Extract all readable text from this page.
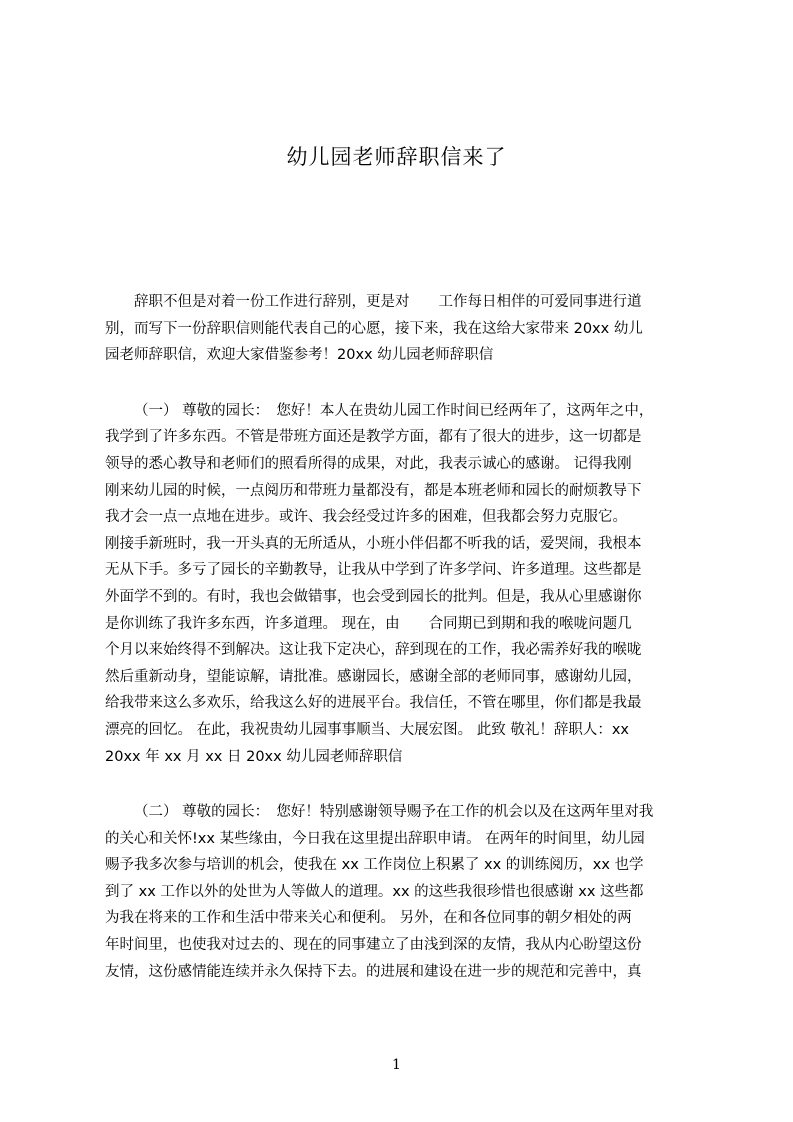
幼儿园老师辞职信来了
辞职不但是对着一份工作进行辞别，更是对　　工作每日相伴的可爱同事进行道
别，而写下一份辞职信则能代表自己的心愿，接下来，我在这给大家带来 20xx 幼儿
园老师辞职信，欢迎大家借鉴参考！20xx 幼儿园老师辞职信
（一） 尊敬的园长：　您好！本人在贵幼儿园工作时间已经两年了，这两年之中，
我学到了许多东西。不管是带班方面还是教学方面，都有了很大的进步，这一切都是
领导的悉心教导和老师们的照看所得的成果，对此，我表示诚心的感谢。 记得我刚
刚来幼儿园的时候，一点阅历和带班力量都没有，都是本班老师和园长的耐烦教导下
我才会一点一点地在进步。或许、我会经受过许多的困难，但我都会努力克服它。
刚接手新班时，我一开头真的无所适从，小班小伴侣都不听我的话，爱哭闹，我根本
无从下手。多亏了园长的辛勤教导，让我从中学到了许多学问、许多道理。这些都是
外面学不到的。有时，我也会做错事，也会受到园长的批判。但是，我从心里感谢你
是你训练了我许多东西，许多道理。 现在，由　　合同期已到期和我的喉咙问题几
个月以来始终得不到解决。这让我下定决心，辞到现在的工作，我必需养好我的喉咙
然后重新动身，望能谅解，请批准。感谢园长，感谢全部的老师同事，感谢幼儿园，
给我带来这么多欢乐，给我这么好的进展平台。我信任，不管在哪里，你们都是我最
漂亮的回忆。 在此，我祝贵幼儿园事事顺当、大展宏图。 此致 敬礼！辞职人：xx
20xx 年 xx 月 xx 日 20xx 幼儿园老师辞职信
（二） 尊敬的园长：　您好！特别感谢领导赐予在工作的机会以及在这两年里对我
的关心和关怀!xx 某些缘由，今日我在这里提出辞职申请。 在两年的时间里，幼儿园
赐予我多次参与培训的机会，使我在 xx 工作岗位上积累了 xx 的训练阅历，xx 也学
到了 xx 工作以外的处世为人等做人的道理。xx 的这些我很珍惜也很感谢 xx 这些都
为我在将来的工作和生活中带来关心和便利。 另外，在和各位同事的朝夕相处的两
年时间里，也使我对过去的、现在的同事建立了由浅到深的友情，我从内心盼望这份
友情，这份感情能连续并永久保持下去。的进展和建设在进一步的规范和完善中，真
1
